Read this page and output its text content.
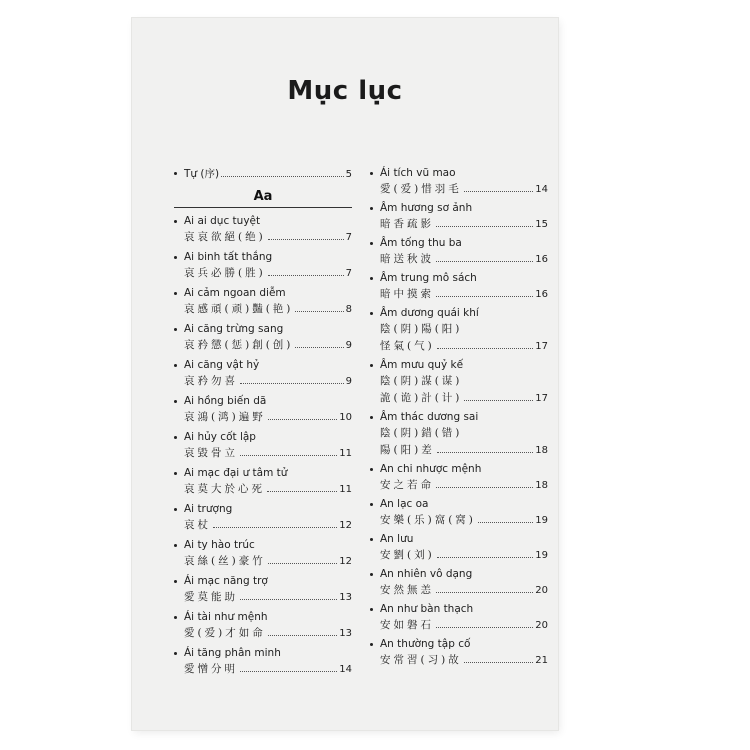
Mục lục
Tự (序)	5
Aa
Ai ai dục tuyệt
哀哀欲絕(绝)	7
Ai binh tất thắng
哀兵必勝(胜)	7
Ai cảm ngoan diễm
哀感頑(顽)豔(艳)	8
Ai căng trừng sang
哀矜懲(惩)創(创)	9
Ai căng vật hỷ
哀矜勿喜	9
Ai hồng biến dã
哀鴻(鸿)遍野	10
Ai hủy cốt lập
哀毀骨立	11
Ai mạc đại ư tâm tử
哀莫大於心死	11
Ai trượng
哀杖	12
Ai ty hào trúc
哀絲(丝)豪竹	12
Ái mạc năng trợ
愛莫能助	13
Ái tài như mệnh
愛(爱)才如命	13
Ái tăng phân minh
愛憎分明	14
Ái tích vũ mao
愛(爱)惜羽毛	14
Âm hương sơ ảnh
暗香疏影	15
Âm tống thu ba
暗送秋波	16
Âm trung mô sách
暗中摸索	16
Âm dương quái khí
陰(阴)陽(阳)
怪氣(气)	17
Âm mưu quỷ kế
陰(阴)謀(谋)
詭(诡)計(计)	17
Âm thác dương sai
陰(阴)錯(错)
陽(阳)差	18
An chi nhược mệnh
安之若命	18
An lạc oa
安樂(乐)窩(窝)	19
An lưu
安劉(刘)	19
An nhiên vô dạng
安然無恙	20
An như bàn thạch
安如磐石	20
An thường tập cố
安常習(习)故	21
